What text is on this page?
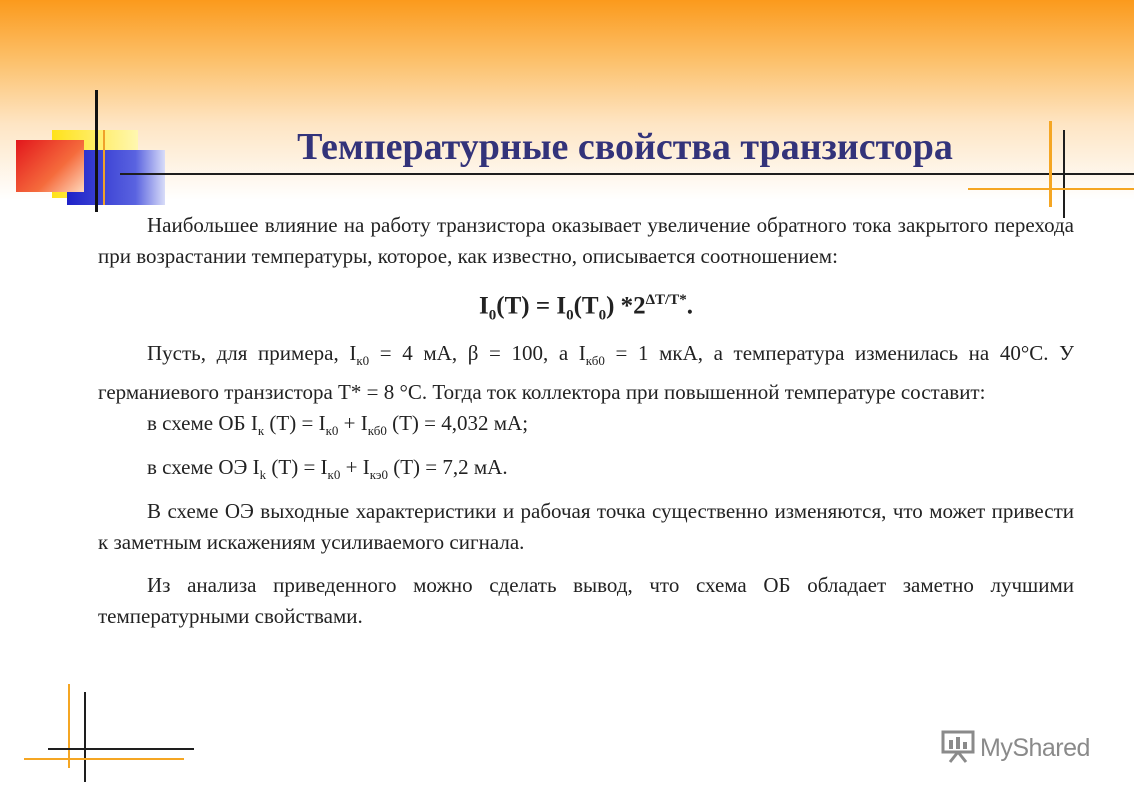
Температурные свойства транзистора

Наибольшее влияние на работу транзистора оказывает увеличение обратного тока закрытого перехода при возрастании температуры, которое, как известно, описывается соотношением:

$I_0(T) = I_0(T_0)$ $*2^{\Delta T/T*}$.

Пусть, для примера, $I_{к0} = 4$ мА, β = 100, а $I_{кб0} = 1$ мкА, а температура изменилась на 40°С. У германиевого транзистора Т* = 8 °С. Тогда ток коллектора при повышенной температуре составит:

в схеме ОБ $I_к$ $(Т) = I_{к0} + I_{кб0}$ (Т) = 4,032 мА;

в схеме ОЭ $I_k$ $(Т) = I_{к0} + I_{кэ0}$ (Т) = 7,2 мА.

В схеме ОЭ выходные характеристики и рабочая точка существенно изменяются, что может привести к заметным искажениям усиливаемого сигнала.

Из анализа приведенного можно сделать вывод, что схема ОБ обладает заметно лучшими температурными свойствами.

MyShared
